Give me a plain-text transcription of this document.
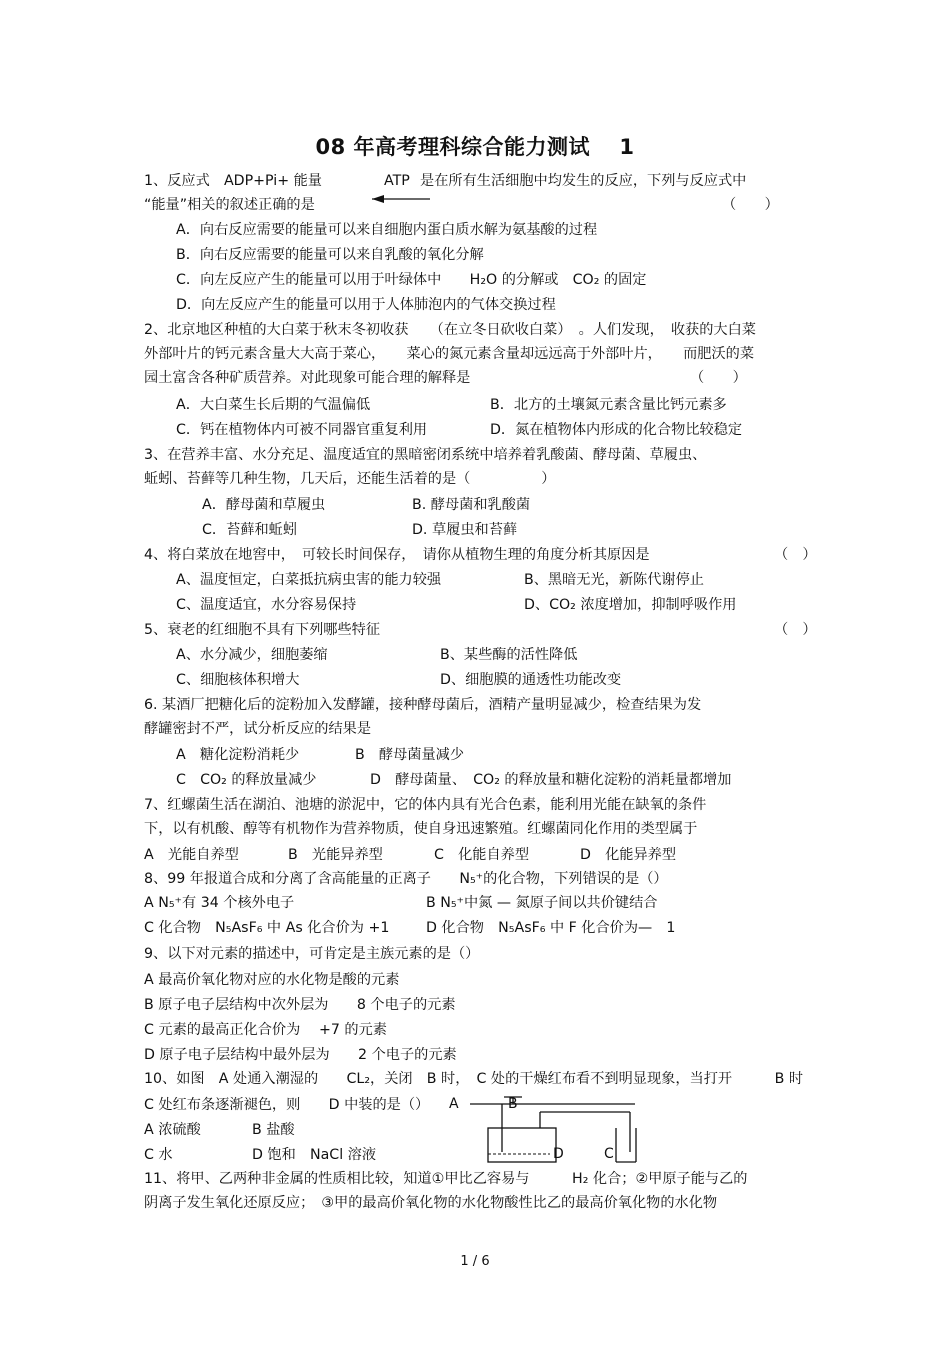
08 年高考理科综合能力测试　 1
1、反应式　ADP+Pi+ 能量

	ATP 是在所有生活细胞中均发生的反应，下列与反应式中
“能量”相关的叙述正确的是	（　　）
A．向右反应需要的能量可以来自细胞内蛋白质水解为氨基酸的过程
B．向右反应需要的能量可以来自乳酸的氧化分解
C．向左反应产生的能量可以用于叶绿体中　　H₂O 的分解或　CO₂ 的固定
D．向左反应产生的能量可以用于人体肺泡内的气体交换过程
2、北京地区种植的大白菜于秋末冬初收获　　（在立冬日砍收白菜）　。人们发现，　收获的大白菜
外部叶片的钙元素含量大大高于菜心，　　菜心的氮元素含量却远远高于外部叶片，　　而肥沃的菜
园土富含各种矿质营养。对此现象可能合理的解释是	（　　）
A．大白菜生长后期的气温偏低	B．北方的土壤氮元素含量比钙元素多
C．钙在植物体内可被不同器官重复利用	D．氮在植物体内形成的化合物比较稳定
3、在营养丰富、水分充足、温度适宜的黑暗密闭系统中培养着乳酸菌、酵母菌、草履虫、
蚯蚓、苔藓等几种生物，几天后，还能生活着的是（　　　　　）
A．酵母菌和草履虫	B. 酵母菌和乳酸菌
C．苔藓和蚯蚓	D. 草履虫和苔藓
4、将白菜放在地窖中，　可较长时间保存，　请你从植物生理的角度分析其原因是	（　）
A、温度恒定，白菜抵抗病虫害的能力较强	B、黑暗无光，新陈代谢停止
C、温度适宜，水分容易保持	D、CO₂ 浓度增加，抑制呼吸作用
5、衰老的红细胞不具有下列哪些特征	（　）
A、水分减少，细胞萎缩	B、某些酶的活性降低
C、细胞核体积增大	D、细胞膜的通透性功能改变
6. 某酒厂把糖化后的淀粉加入发酵罐，接种酵母菌后，酒精产量明显减少，检查结果为发
酵罐密封不严，试分析反应的结果是
A　糖化淀粉消耗少	B　酵母菌量减少
C　CO₂ 的释放量减少	D　酵母菌量、　CO₂ 的释放量和糖化淀粉的消耗量都增加
7、红螺菌生活在湖泊、池塘的淤泥中，它的体内具有光合色素，能利用光能在缺氧的条件
下，以有机酸、醇等有机物作为营养物质，使自身迅速繁殖。红螺菌同化作用的类型属于
A　光能自养型	B　光能异养型	C　化能自养型	D　化能异养型
8、99 年报道合成和分离了含高能量的正离子　　N₅⁺的化合物，下列错误的是（）
A N₅⁺有 34 个核外电子	B N₅⁺中氮 — 氮原子间以共价键结合
C 化合物　N₅AsF₆ 中 As 化合价为 +1	D 化合物　N₅AsF₆ 中 F 化合价为—　1
9、以下对元素的描述中，可肯定是主族元素的是（）
A 最高价氧化物对应的水化物是酸的元素
B 原子电子层结构中次外层为　　8 个电子的元素
C 元素的最高正化合价为　 +7 的元素
D 原子电子层结构中最外层为　　2 个电子的元素
10、如图　A 处通入潮湿的　　CL₂，关闭　B 时，　C 处的干燥红布看不到明显现象，当打开　　　B 时
C 处红布条逐渐褪色，则　　D 中装的是（）
A 浓硫酸	B 盐酸
C 水	D 饱和　NaCl 溶液
A	B
D	C
11、将甲、乙两种非金属的性质相比较，知道①甲比乙容易与　　　H₂ 化合；②甲原子能与乙的
阴离子发生氧化还原反应；　③甲的最高价氧化物的水化物酸性比乙的最高价氧化物的水化物
1 / 6
